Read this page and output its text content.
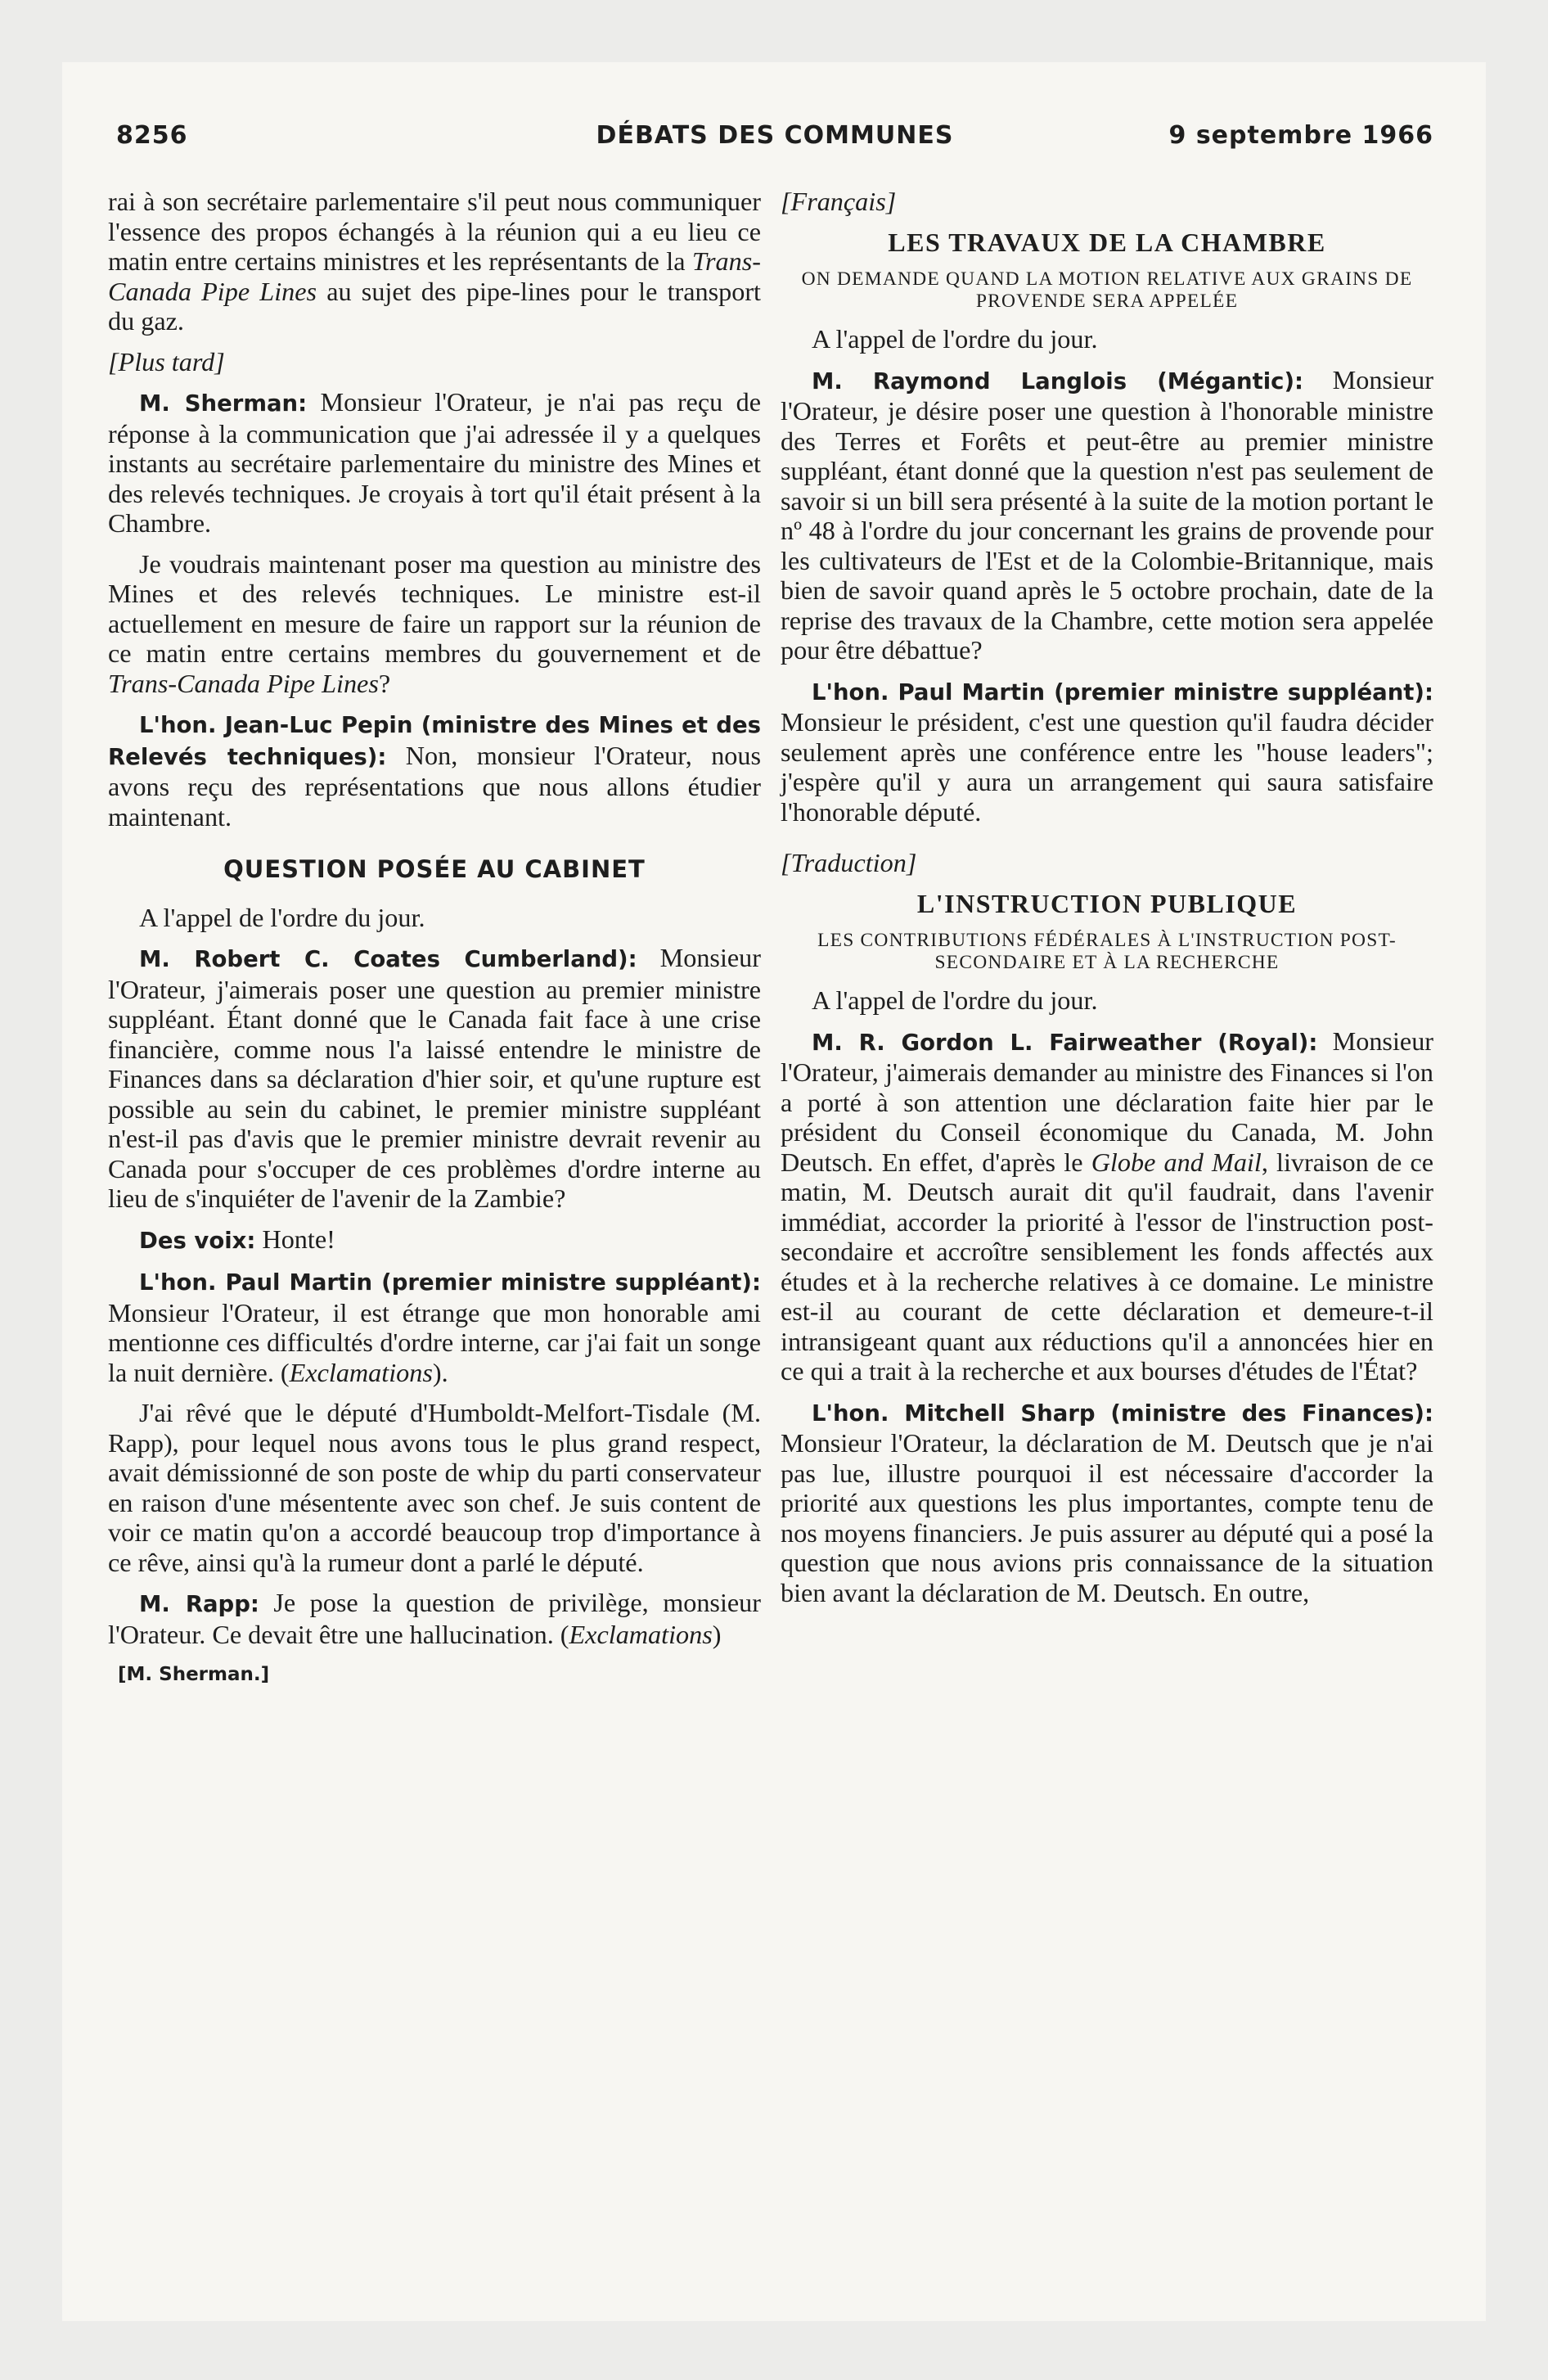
8256	DÉBATS DES COMMUNES	9 septembre 1966

rai à son secrétaire parlementaire s'il peut nous communiquer l'essence des propos échangés à la réunion qui a eu lieu ce matin entre certains ministres et les représentants de la Trans-Canada Pipe Lines au sujet des pipe-lines pour le transport du gaz.

[Plus tard]

M. Sherman: Monsieur l'Orateur, je n'ai pas reçu de réponse à la communication que j'ai adressée il y a quelques instants au secrétaire parlementaire du ministre des Mines et des relevés techniques. Je croyais à tort qu'il était présent à la Chambre.

Je voudrais maintenant poser ma question au ministre des Mines et des relevés techniques. Le ministre est-il actuellement en mesure de faire un rapport sur la réunion de ce matin entre certains membres du gouvernement et de Trans-Canada Pipe Lines?

L'hon. Jean-Luc Pepin (ministre des Mines et des Relevés techniques): Non, monsieur l'Orateur, nous avons reçu des représentations que nous allons étudier maintenant.

QUESTION POSÉE AU CABINET

A l'appel de l'ordre du jour.

M. Robert C. Coates Cumberland): Monsieur l'Orateur, j'aimerais poser une question au premier ministre suppléant. Étant donné que le Canada fait face à une crise financière, comme nous l'a laissé entendre le ministre de Finances dans sa déclaration d'hier soir, et qu'une rupture est possible au sein du cabinet, le premier ministre suppléant n'est-il pas d'avis que le premier ministre devrait revenir au Canada pour s'occuper de ces problèmes d'ordre interne au lieu de s'inquiéter de l'avenir de la Zambie?

Des voix: Honte!

L'hon. Paul Martin (premier ministre suppléant): Monsieur l'Orateur, il est étrange que mon honorable ami mentionne ces difficultés d'ordre interne, car j'ai fait un songe la nuit dernière. (Exclamations).

J'ai rêvé que le député d'Humboldt-Melfort-Tisdale (M. Rapp), pour lequel nous avons tous le plus grand respect, avait démissionné de son poste de whip du parti conservateur en raison d'une mésentente avec son chef. Je suis content de voir ce matin qu'on a accordé beaucoup trop d'importance à ce rêve, ainsi qu'à la rumeur dont a parlé le député.

M. Rapp: Je pose la question de privilège, monsieur l'Orateur. Ce devait être une hallucination. (Exclamations)

[M. Sherman.]

[Français]

LES TRAVAUX DE LA CHAMBRE
ON DEMANDE QUAND LA MOTION RELATIVE AUX GRAINS DE PROVENDE SERA APPELÉE

A l'appel de l'ordre du jour.

M. Raymond Langlois (Mégantic): Monsieur l'Orateur, je désire poser une question à l'honorable ministre des Terres et Forêts et peut-être au premier ministre suppléant, étant donné que la question n'est pas seulement de savoir si un bill sera présenté à la suite de la motion portant le nº 48 à l'ordre du jour concernant les grains de provende pour les cultivateurs de l'Est et de la Colombie-Britannique, mais bien de savoir quand après le 5 octobre prochain, date de la reprise des travaux de la Chambre, cette motion sera appelée pour être débattue?

L'hon. Paul Martin (premier ministre suppléant): Monsieur le président, c'est une question qu'il faudra décider seulement après une conférence entre les "house leaders"; j'espère qu'il y aura un arrangement qui saura satisfaire l'honorable député.

[Traduction]

L'INSTRUCTION PUBLIQUE
LES CONTRIBUTIONS FÉDÉRALES À L'INSTRUCTION POST-SECONDAIRE ET À LA RECHERCHE

A l'appel de l'ordre du jour.

M. R. Gordon L. Fairweather (Royal): Monsieur l'Orateur, j'aimerais demander au ministre des Finances si l'on a porté à son attention une déclaration faite hier par le président du Conseil économique du Canada, M. John Deutsch. En effet, d'après le Globe and Mail, livraison de ce matin, M. Deutsch aurait dit qu'il faudrait, dans l'avenir immédiat, accorder la priorité à l'essor de l'instruction post-secondaire et accroître sensiblement les fonds affectés aux études et à la recherche relatives à ce domaine. Le ministre est-il au courant de cette déclaration et demeure-t-il intransigeant quant aux réductions qu'il a annoncées hier en ce qui a trait à la recherche et aux bourses d'études de l'État?

L'hon. Mitchell Sharp (ministre des Finances): Monsieur l'Orateur, la déclaration de M. Deutsch que je n'ai pas lue, illustre pourquoi il est nécessaire d'accorder la priorité aux questions les plus importantes, compte tenu de nos moyens financiers. Je puis assurer au député qui a posé la question que nous avions pris connaissance de la situation bien avant la déclaration de M. Deutsch. En outre,
